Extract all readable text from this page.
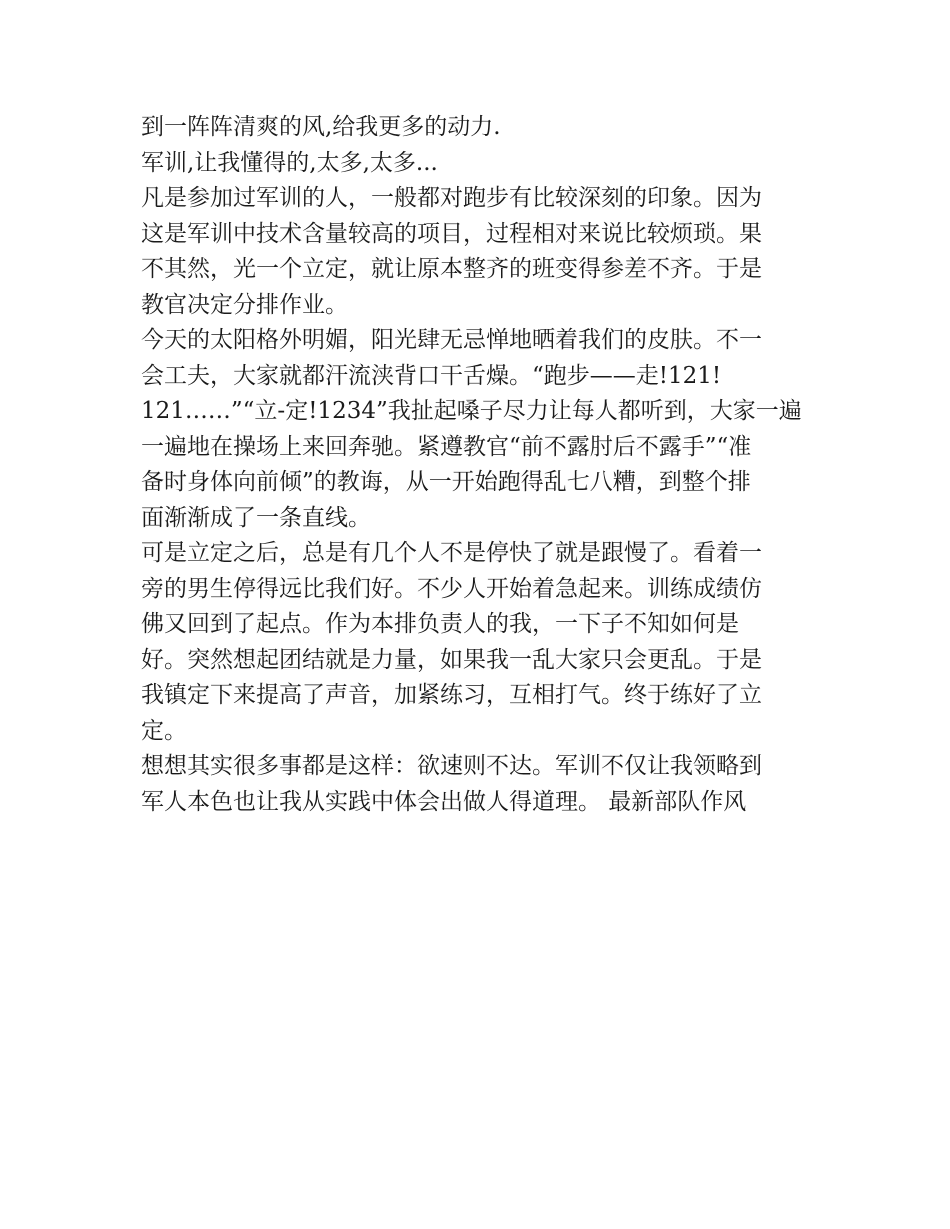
到一阵阵清爽的风,给我更多的动力.
军训,让我懂得的,太多,太多...
凡是参加过军训的人，一般都对跑步有比较深刻的印象。因为
这是军训中技术含量较高的项目，过程相对来说比较烦琐。果
不其然，光一个立定，就让原本整齐的班变得参差不齐。于是
教官决定分排作业。
今天的太阳格外明媚，阳光肆无忌惮地晒着我们的皮肤。不一
会工夫，大家就都汗流浃背口干舌燥。“跑步——走!121!
121……”“立-定!1234”我扯起嗓子尽力让每人都听到，大家一遍
一遍地在操场上来回奔驰。紧遵教官“前不露肘后不露手”“准
备时身体向前倾”的教诲，从一开始跑得乱七八糟，到整个排
面渐渐成了一条直线。
可是立定之后，总是有几个人不是停快了就是跟慢了。看着一
旁的男生停得远比我们好。不少人开始着急起来。训练成绩仿
佛又回到了起点。作为本排负责人的我，一下子不知如何是
好。突然想起团结就是力量，如果我一乱大家只会更乱。于是
我镇定下来提高了声音，加紧练习，互相打气。终于练好了立
定。
想想其实很多事都是这样：欲速则不达。军训不仅让我领略到
军人本色也让我从实践中体会出做人得道理。 最新部队作风
